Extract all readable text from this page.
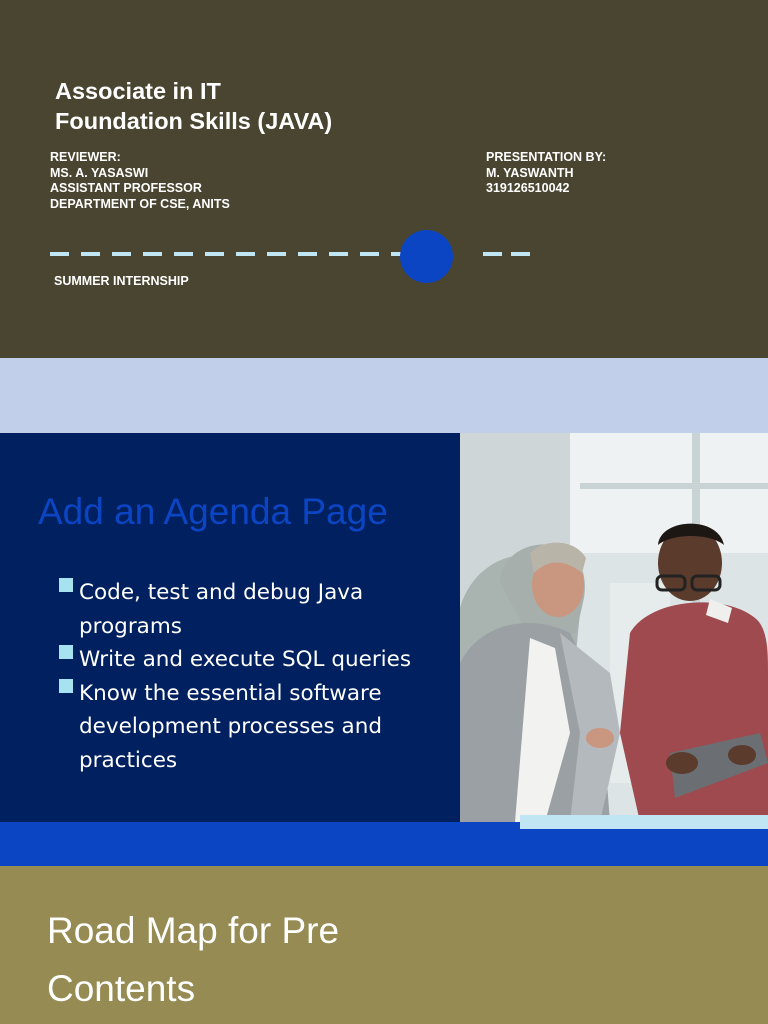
Associate in IT
Foundation Skills (JAVA)
REVIEWER:
MS. A. YASASWI
ASSISTANT PROFESSOR
DEPARTMENT OF CSE, ANITS
PRESENTATION BY:
M. YASWANTH
319126510042
SUMMER INTERNSHIP
Add an Agenda Page
Code, test and debug Java programs
Write and execute SQL queries
Know the essential software development processes and practices
Road Map for Pre
Contents
